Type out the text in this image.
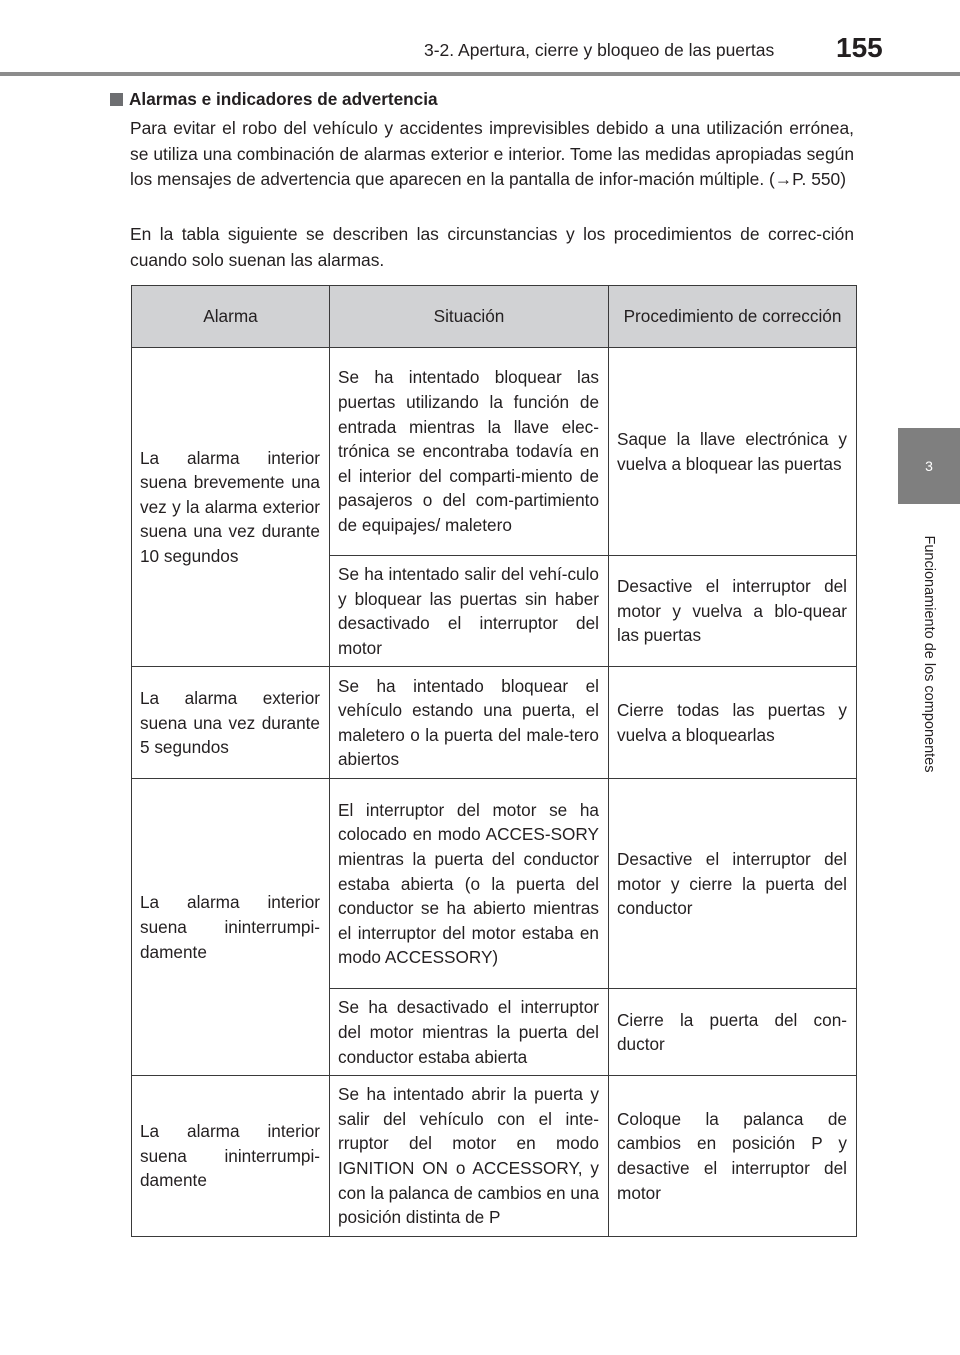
3-2. Apertura, cierre y bloqueo de las puertas 155
3
Funcionamiento de los componentes
Alarmas e indicadores de advertencia

Para evitar el robo del vehículo y accidentes imprevisibles debido a una utilización errónea, se utiliza una combinación de alarmas exterior e interior. Tome las medidas apropiadas según los mensajes de advertencia que aparecen en la pantalla de infor-mación múltiple. (→P. 550)

En la tabla siguiente se describen las circunstancias y los procedimientos de correc-ción cuando solo suenan las alarmas.

Alarma	Situación	Procedimiento de corrección
La alarma interior suena brevemente una vez y la alarma exterior suena una vez durante 10 segundos	Se ha intentado bloquear las puertas utilizando la función de entrada mientras la llave elec-trónica se encontraba todavía en el interior del comparti-miento de pasajeros o del com-partimiento de equipajes/ maletero	Saque la llave electrónica y vuelva a bloquear las puertas
	Se ha intentado salir del vehí-culo y bloquear las puertas sin haber desactivado el interruptor del motor	Desactive el interruptor del motor y vuelva a blo-quear las puertas
La alarma exterior suena una vez durante 5 segundos	Se ha intentado bloquear el vehículo estando una puerta, el maletero o la puerta del male-tero abiertos	Cierre todas las puertas y vuelva a bloquearlas
La alarma interior suena ininterrumpi-damente	El interruptor del motor se ha colocado en modo ACCES-SORY mientras la puerta del conductor estaba abierta (o la puerta del conductor se ha abierto mientras el interruptor del motor estaba en modo ACCESSORY)	Desactive el interruptor del motor y cierre la puerta del conductor
	Se ha desactivado el interruptor del motor mientras la puerta del conductor estaba abierta	Cierre la puerta del con-ductor
La alarma interior suena ininterrumpi-damente	Se ha intentado abrir la puerta y salir del vehículo con el inte-rruptor del motor en modo IGNITION ON o ACCESSORY, y con la palanca de cambios en una posición distinta de P	Coloque la palanca de cambios en posición P y desactive el interruptor del motor
